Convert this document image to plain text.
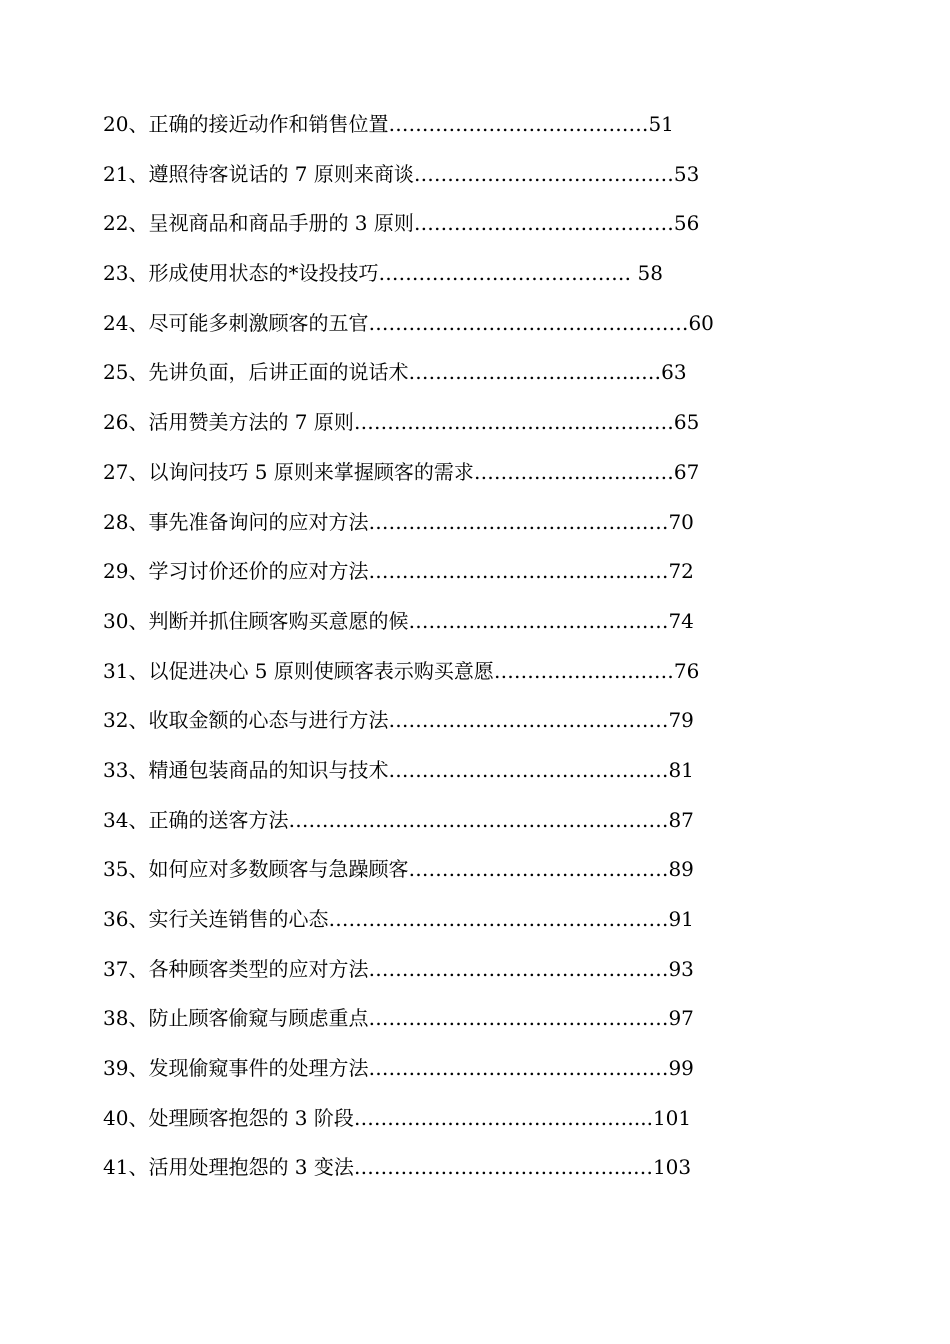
20、正确的接近动作和销售位置…………………………………51
21、遵照待客说话的 7 原则来商谈…………………………………53
22、呈视商品和商品手册的 3 原则…………………………………56
23、形成使用状态的*设投技巧………………..……………… 58
24、尽可能多刺激顾客的五官…………………………………………60
25、先讲负面，后讲正面的说话术……………………………..…63
26、活用赞美方法的 7 原则…………………………………………65
27、以询问技巧 5 原则来掌握顾客的需求…………………………67
28、事先准备询问的应对方法………………………………………70
29、学习讨价还价的应对方法………………………………………72
30、判断并抓住顾客购买意愿的候…………………………………74
31、以促进决心 5 原则使顾客表示购买意愿………………………76
32、收取金额的心态与进行方法……………………………………79
33、精通包装商品的知识与技术……………………………………81
34、正确的送客方法…………………………………………………87
35、如何应对多数顾客与急躁顾客…………………………………89
36、实行关连销售的心态……………………………………………91
37、各种顾客类型的应对方法………………………………………93
38、防止顾客偷窥与顾虑重点………………………………………97
39、发现偷窥事件的处理方法………………………………………99
40、处理顾客抱怨的 3 阶段……………………………………...101
41、活用处理抱怨的 3 变法…………………………………...…103
